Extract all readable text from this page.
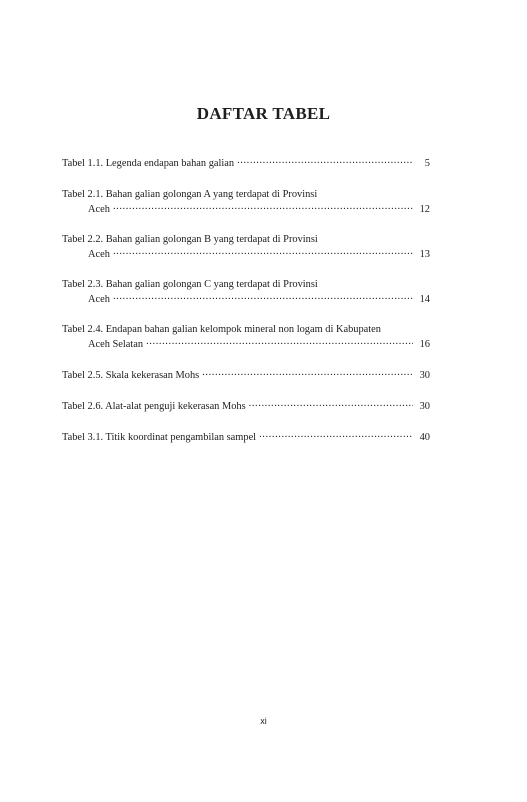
DAFTAR TABEL
Tabel 1.1. Legenda endapan bahan galian .....	5
Tabel 2.1. Bahan galian golongan A yang terdapat di Provinsi
Aceh .....	12
Tabel 2.2. Bahan galian golongan B yang terdapat di Provinsi
Aceh .....	13
Tabel 2.3. Bahan galian golongan C yang terdapat di Provinsi
Aceh .....	14
Tabel 2.4. Endapan bahan galian kelompok mineral non logam di Kabupaten
Aceh Selatan .....	16
Tabel 2.5. Skala kekerasan Mohs .....	30
Tabel 2.6. Alat-alat penguji kekerasan Mohs .....	30
Tabel 3.1. Titik koordinat pengambilan sampel .....	40
xi
